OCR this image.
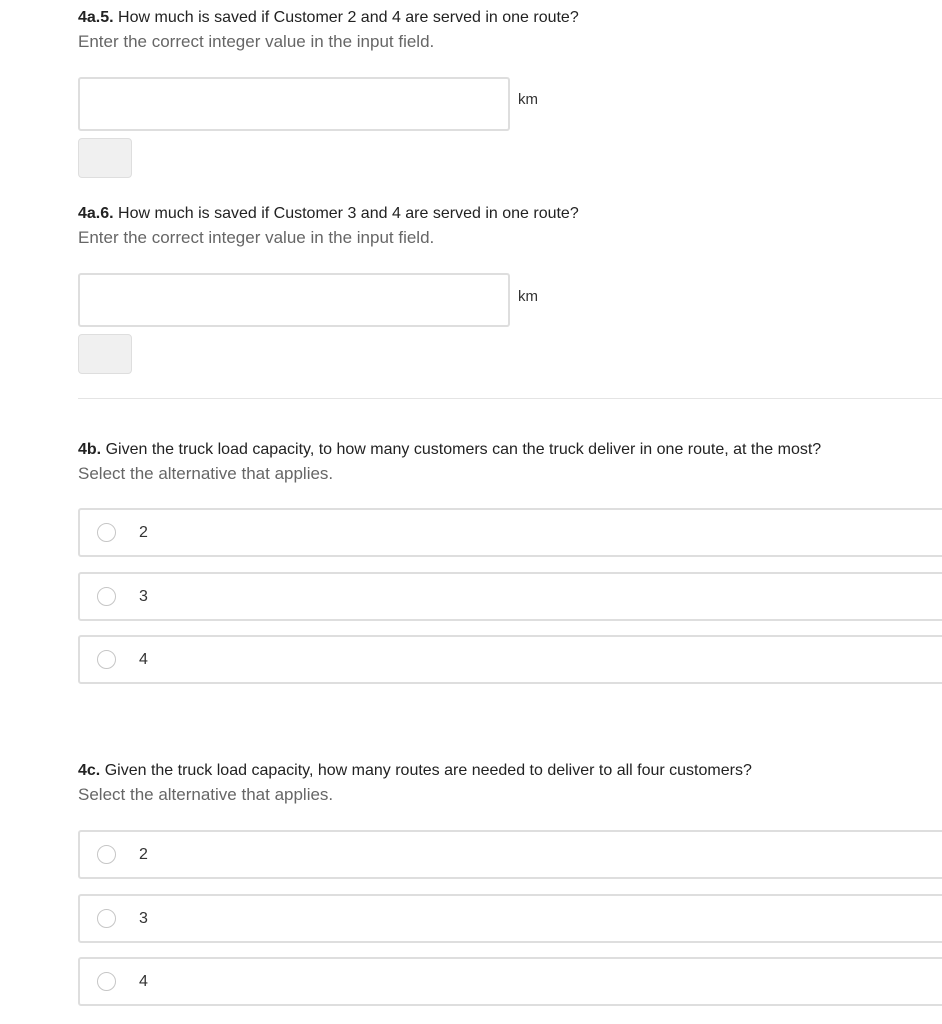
4a.5. How much is saved if Customer 2 and 4 are served in one route?
Enter the correct integer value in the input field.
km
4a.6. How much is saved if Customer 3 and 4 are served in one route?
Enter the correct integer value in the input field.
km
4b. Given the truck load capacity, to how many customers can the truck deliver in one route, at the most?
Select the alternative that applies.
2
3
4
4c. Given the truck load capacity, how many routes are needed to deliver to all four customers?
Select the alternative that applies.
2
3
4
